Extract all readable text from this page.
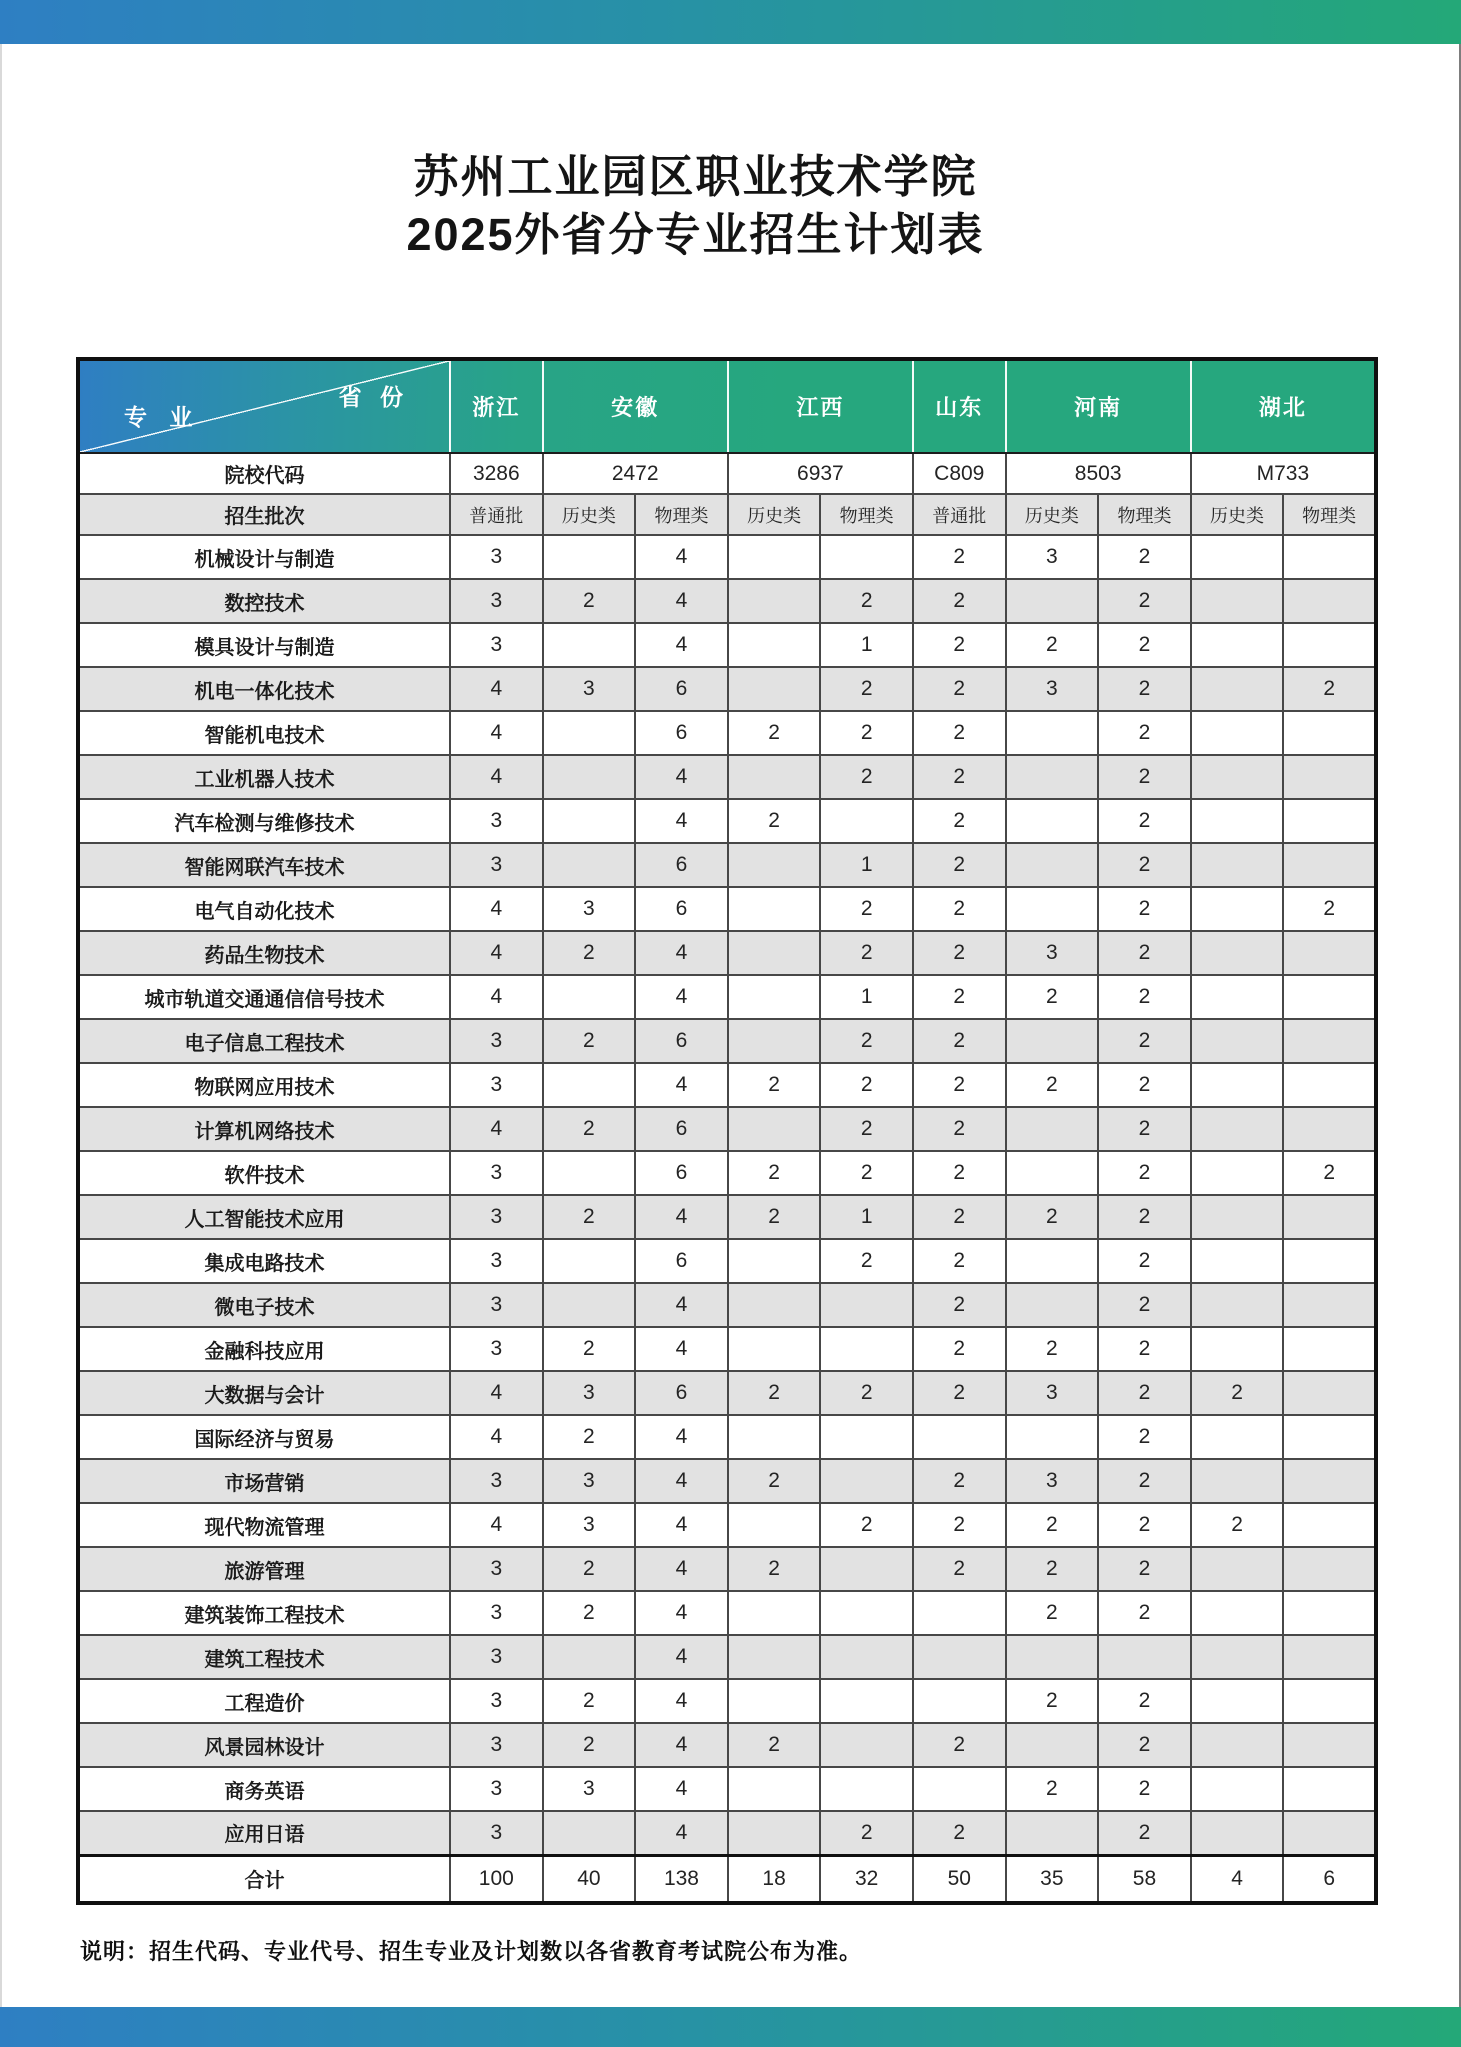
苏州工业园区职业技术学院
2025外省分专业招生计划表
省 份
专 业	浙江	安徽		江西		山东	河南		湖北	
院校代码	3286	2472		6937		C809	8503		M733	
招生批次	普通批	历史类	物理类	历史类	物理类	普通批	历史类	物理类	历史类	物理类
机械设计与制造	3		4			2	3	2		
数控技术	3	2	4		2	2		2		
模具设计与制造	3		4		1	2	2	2		
机电一体化技术	4	3	6		2	2	3	2		2
智能机电技术	4		6	2	2	2		2		
工业机器人技术	4		4		2	2		2		
汽车检测与维修技术	3		4	2		2		2		
智能网联汽车技术	3		6		1	2		2		
电气自动化技术	4	3	6		2	2		2		2
药品生物技术	4	2	4		2	2	3	2		
城市轨道交通通信信号技术	4		4		1	2	2	2		
电子信息工程技术	3	2	6		2	2		2		
物联网应用技术	3		4	2	2	2	2	2		
计算机网络技术	4	2	6		2	2		2		
软件技术	3		6	2	2	2		2		2
人工智能技术应用	3	2	4	2	1	2	2	2		
集成电路技术	3		6		2	2		2		
微电子技术	3		4			2		2		
金融科技应用	3	2	4			2	2	2		
大数据与会计	4	3	6	2	2	2	3	2	2	
国际经济与贸易	4	2	4					2		
市场营销	3	3	4	2		2	3	2		
现代物流管理	4	3	4		2	2	2	2	2	
旅游管理	3	2	4	2		2	2	2		
建筑装饰工程技术	3	2	4				2	2		
建筑工程技术	3		4							
工程造价	3	2	4				2	2		
风景园林设计	3	2	4	2		2		2		
商务英语	3	3	4				2	2		
应用日语	3		4		2	2		2		
合计	100	40	138	18	32	50	35	58	4	6

说明：招生代码、专业代号、招生专业及计划数以各省教育考试院公布为准。
